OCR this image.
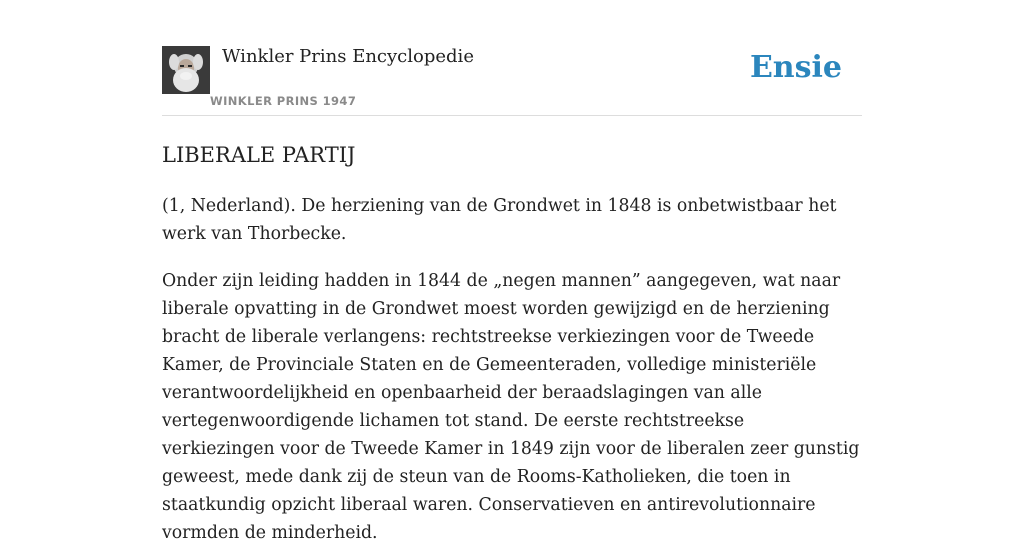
Winkler Prins Encyclopedie
WINKLER PRINS 1947
Ensie
LIBERALE PARTIJ

(1, Nederland). De herziening van de Grondwet in 1848 is onbetwistbaar het werk van Thorbecke.

Onder zijn leiding hadden in 1844 de „negen mannen” aangegeven, wat naar liberale opvatting in de Grondwet moest worden gewijzigd en de herziening bracht de liberale verlangens: rechtstreekse verkiezingen voor de Tweede Kamer, de Provinciale Staten en de Gemeenteraden, volledige ministeriële verantwoordelijkheid en openbaarheid der beraadslagingen van alle vertegenwoordigende lichamen tot stand. De eerste rechtstreekse verkiezingen voor de Tweede Kamer in 1849 zijn voor de liberalen zeer gunstig geweest, mede dank zij de steun van de Rooms-Katholieken, die toen in staatkundig opzicht liberaal waren. Conservatieven en antirevolutionnaire vormden de minderheid.
